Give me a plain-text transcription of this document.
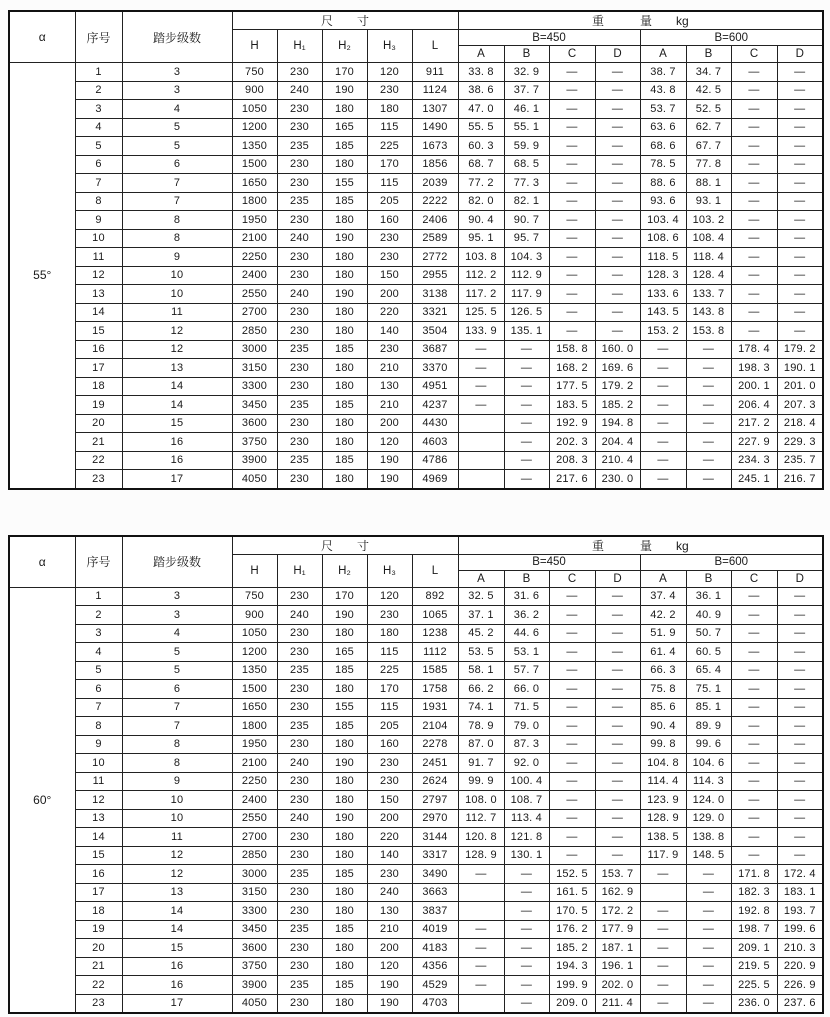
α	序号	踏步级数	尺　　寸					重　　　量　　kg							
			H	H₁	H₂	H₃	L	B=450				B=600			
								A	B	C	D	A	B	C	D
55°	1	3	750	230	170	120	911	33. 8	32. 9	—	—	38. 7	34. 7	—	—
	2	3	900	240	190	230	1124	38. 6	37. 7	—	—	43. 8	42. 5	—	—
	3	4	1050	230	180	180	1307	47. 0	46. 1	—	—	53. 7	52. 5	—	—
	4	5	1200	230	165	115	1490	55. 5	55. 1	—	—	63. 6	62. 7	—	—
	5	5	1350	235	185	225	1673	60. 3	59. 9	—	—	68. 6	67. 7	—	—
	6	6	1500	230	180	170	1856	68. 7	68. 5	—	—	78. 5	77. 8	—	—
	7	7	1650	230	155	115	2039	77. 2	77. 3	—	—	88. 6	88. 1	—	—
	8	7	1800	235	185	205	2222	82. 0	82. 1	—	—	93. 6	93. 1	—	—
	9	8	1950	230	180	160	2406	90. 4	90. 7	—	—	103. 4	103. 2	—	—
	10	8	2100	240	190	230	2589	95. 1	95. 7	—	—	108. 6	108. 4	—	—
	11	9	2250	230	180	230	2772	103. 8	104. 3	—	—	118. 5	118. 4	—	—
	12	10	2400	230	180	150	2955	112. 2	112. 9	—	—	128. 3	128. 4	—	—
	13	10	2550	240	190	200	3138	117. 2	117. 9	—	—	133. 6	133. 7	—	—
	14	11	2700	230	180	220	3321	125. 5	126. 5	—	—	143. 5	143. 8	—	—
	15	12	2850	230	180	140	3504	133. 9	135. 1	—	—	153. 2	153. 8	—	—
	16	12	3000	235	185	230	3687	—	—	158. 8	160. 0	—	—	178. 4	179. 2
	17	13	3150	230	180	210	3370	—	—	168. 2	169. 6	—	—	198. 3	190. 1
	18	14	3300	230	180	130	4951	—	—	177. 5	179. 2	—	—	200. 1	201. 0
	19	14	3450	235	185	210	4237	—	—	183. 5	185. 2	—	—	206. 4	207. 3
	20	15	3600	230	180	200	4430		—	192. 9	194. 8	—	—	217. 2	218. 4
	21	16	3750	230	180	120	4603		—	202. 3	204. 4	—	—	227. 9	229. 3
	22	16	3900	235	185	190	4786		—	208. 3	210. 4	—	—	234. 3	235. 7
	23	17	4050	230	180	190	4969		—	217. 6	230. 0	—	—	245. 1	216. 7
α	序号	踏步级数	尺　　寸					重　　　量　　kg							
			H	H₁	H₂	H₃	L	B=450				B=600			
								A	B	C	D	A	B	C	D
60°	1	3	750	230	170	120	892	32. 5	31. 6	—	—	37. 4	36. 1	—	—
	2	3	900	240	190	230	1065	37. 1	36. 2	—	—	42. 2	40. 9	—	—
	3	4	1050	230	180	180	1238	45. 2	44. 6	—	—	51. 9	50. 7	—	—
	4	5	1200	230	165	115	1112	53. 5	53. 1	—	—	61. 4	60. 5	—	—
	5	5	1350	235	185	225	1585	58. 1	57. 7	—	—	66. 3	65. 4	—	—
	6	6	1500	230	180	170	1758	66. 2	66. 0	—	—	75. 8	75. 1	—	—
	7	7	1650	230	155	115	1931	74. 1	71. 5	—	—	85. 6	85. 1	—	—
	8	7	1800	235	185	205	2104	78. 9	79. 0	—	—	90. 4	89. 9	—	—
	9	8	1950	230	180	160	2278	87. 0	87. 3	—	—	99. 8	99. 6	—	—
	10	8	2100	240	190	230	2451	91. 7	92. 0	—	—	104. 8	104. 6	—	—
	11	9	2250	230	180	230	2624	99. 9	100. 4	—	—	114. 4	114. 3	—	—
	12	10	2400	230	180	150	2797	108. 0	108. 7	—	—	123. 9	124. 0	—	—
	13	10	2550	240	190	200	2970	112. 7	113. 4	—	—	128. 9	129. 0	—	—
	14	11	2700	230	180	220	3144	120. 8	121. 8	—	—	138. 5	138. 8	—	—
	15	12	2850	230	180	140	3317	128. 9	130. 1	—	—	117. 9	148. 5	—	—
	16	12	3000	235	185	230	3490	—	—	152. 5	153. 7	—	—	171. 8	172. 4
	17	13	3150	230	180	240	3663		—	161. 5	162. 9		—	182. 3	183. 1
	18	14	3300	230	180	130	3837		—	170. 5	172. 2	—	—	192. 8	193. 7
	19	14	3450	235	185	210	4019	—	—	176. 2	177. 9	—	—	198. 7	199. 6
	20	15	3600	230	180	200	4183	—	—	185. 2	187. 1	—	—	209. 1	210. 3
	21	16	3750	230	180	120	4356	—	—	194. 3	196. 1	—	—	219. 5	220. 9
	22	16	3900	235	185	190	4529	—	—	199. 9	202. 0	—	—	225. 5	226. 9
	23	17	4050	230	180	190	4703		—	209. 0	211. 4	—	—	236. 0	237. 6
